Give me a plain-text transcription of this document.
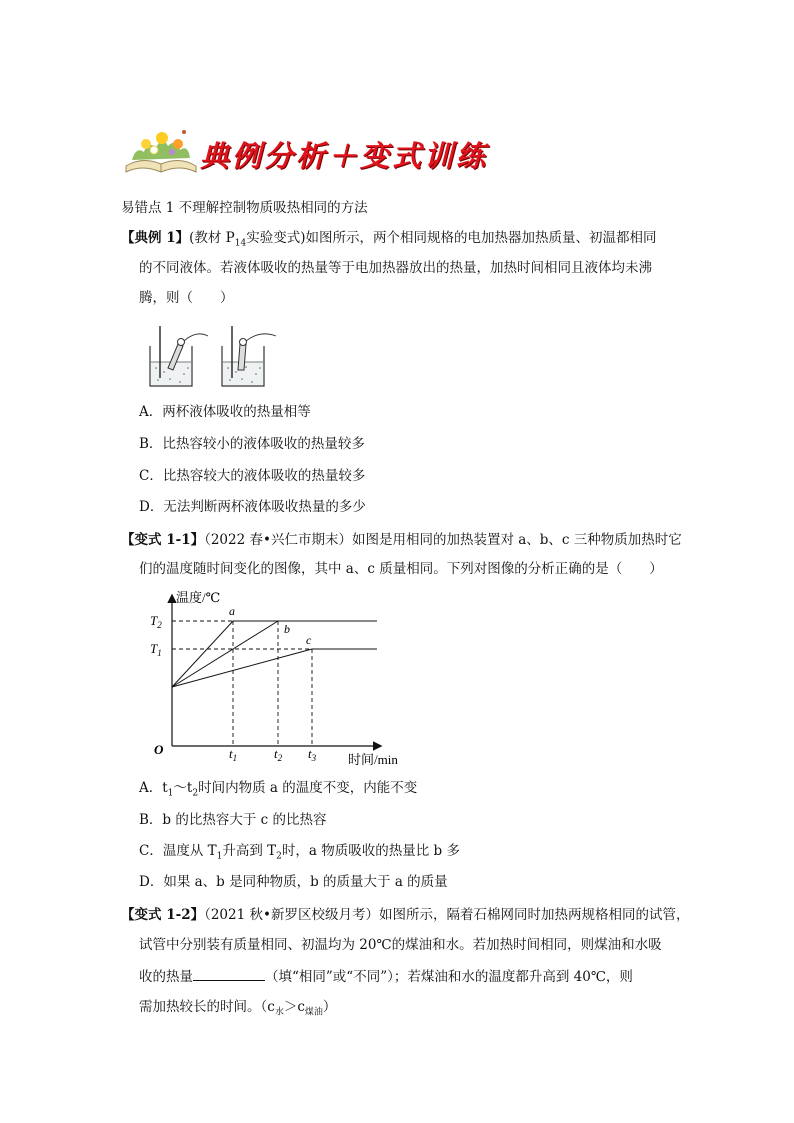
典例分析＋变式训练
易错点 1 不理解控制物质吸热相同的方法
【典例 1】(教材 $P_{14}$实验变式)如图所示，两个相同规格的电加热器加热质量、初温都相同
的不同液体。若液体吸收的热量等于电加热器放出的热量，加热时间相同且液体均未沸
腾，则（　　）
A．两杯液体吸收的热量相等
B．比热容较小的液体吸收的热量较多
C．比热容较大的液体吸收的热量较多
D．无法判断两杯液体吸收热量的多少
【变式 1-1】（2022 春•兴仁市期末）如图是用相同的加热装置对 a、b、c 三种物质加热时它
们的温度随时间变化的图像，其中 a、c 质量相同。下列对图像的分析正确的是（　　）
温度/℃
时间/min
O
$T_2$
$T_1$
$t_1$	$t_2$ $t_3$
a
b
c
A．$t_1\sim t_2$时间内物质 a 的温度不变，内能不变
B．b 的比热容大于 c 的比热容
C．温度从 $T_1$升高到 $T_2$时，a 物质吸收的热量比 b 多
D．如果 a、b 是同种物质，b 的质量大于 a 的质量
【变式 1-2】（2021 秋•新罗区校级月考）如图所示，隔着石棉网同时加热两规格相同的试管，
试管中分别装有质量相同、初温均为 20℃的煤油和水。若加热时间相同，则煤油和水吸
收的热量	（填“相同”或“不同”）；若煤油和水的温度都升高到 40℃，则
需加热较长的时间。$(c_水>c_{煤油})$
